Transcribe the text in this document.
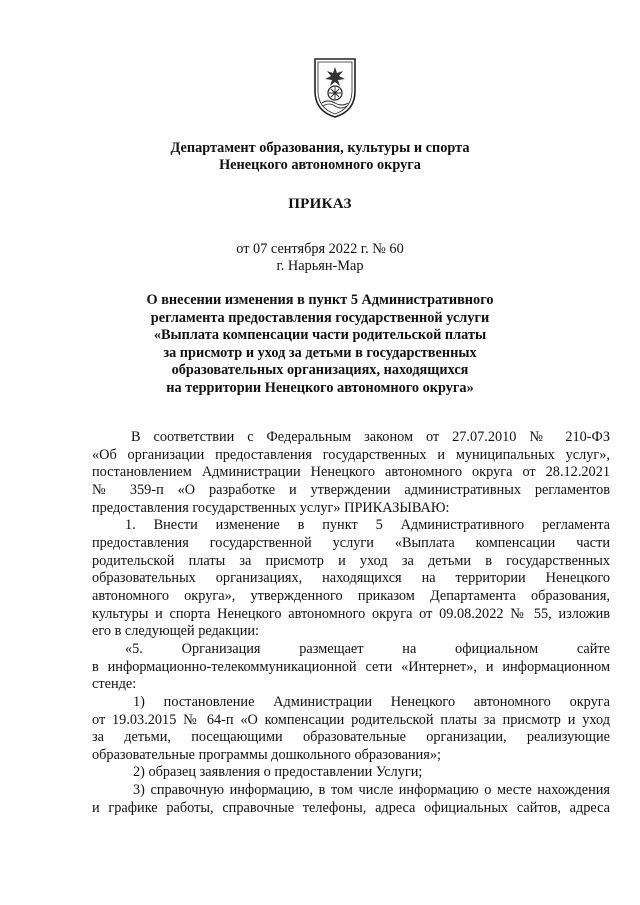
Департамент образования, культуры и спорта
Ненецкого автономного округа
ПРИКАЗ
от 07 сентября 2022 г. № 60
г. Нарьян-Мар
О внесении изменения в пункт 5 Административного
регламента предоставления государственной услуги
«Выплата компенсации части родительской платы
за присмотр и уход за детьми в государственных
образовательных организациях, находящихся
на территории Ненецкого автономного округа»

В соответствии с Федеральным законом от 27.07.2010 № 210-ФЗ

«Об организации предоставления государственных и муниципальных услуг»,

постановлением Администрации Ненецкого автономного округа от 28.12.2021

№ 359-п «О разработке и утверждении административных регламентов

предоставления государственных услуг» ПРИКАЗЫВАЮ:

1. Внести изменение в пункт 5 Административного регламента

предоставления государственной услуги «Выплата компенсации части

родительской платы за присмотр и уход за детьми в государственных

образовательных организациях, находящихся на территории Ненецкого

автономного округа», утвержденного приказом Департамента образования,

культуры и спорта Ненецкого автономного округа от 09.08.2022 № 55, изложив

его в следующей редакции:

«5. Организация размещает на официальном сайте

в информационно-телекоммуникационной сети «Интернет», и информационном

стенде:

1) постановление Администрации Ненецкого автономного округа

от 19.03.2015 № 64-п «О компенсации родительской платы за присмотр и уход

за детьми, посещающими образовательные организации, реализующие

образовательные программы дошкольного образования»;

2) образец заявления о предоставлении Услуги;

3) справочную информацию, в том числе информацию о месте нахождения

и графике работы, справочные телефоны, адреса официальных сайтов, адреса
